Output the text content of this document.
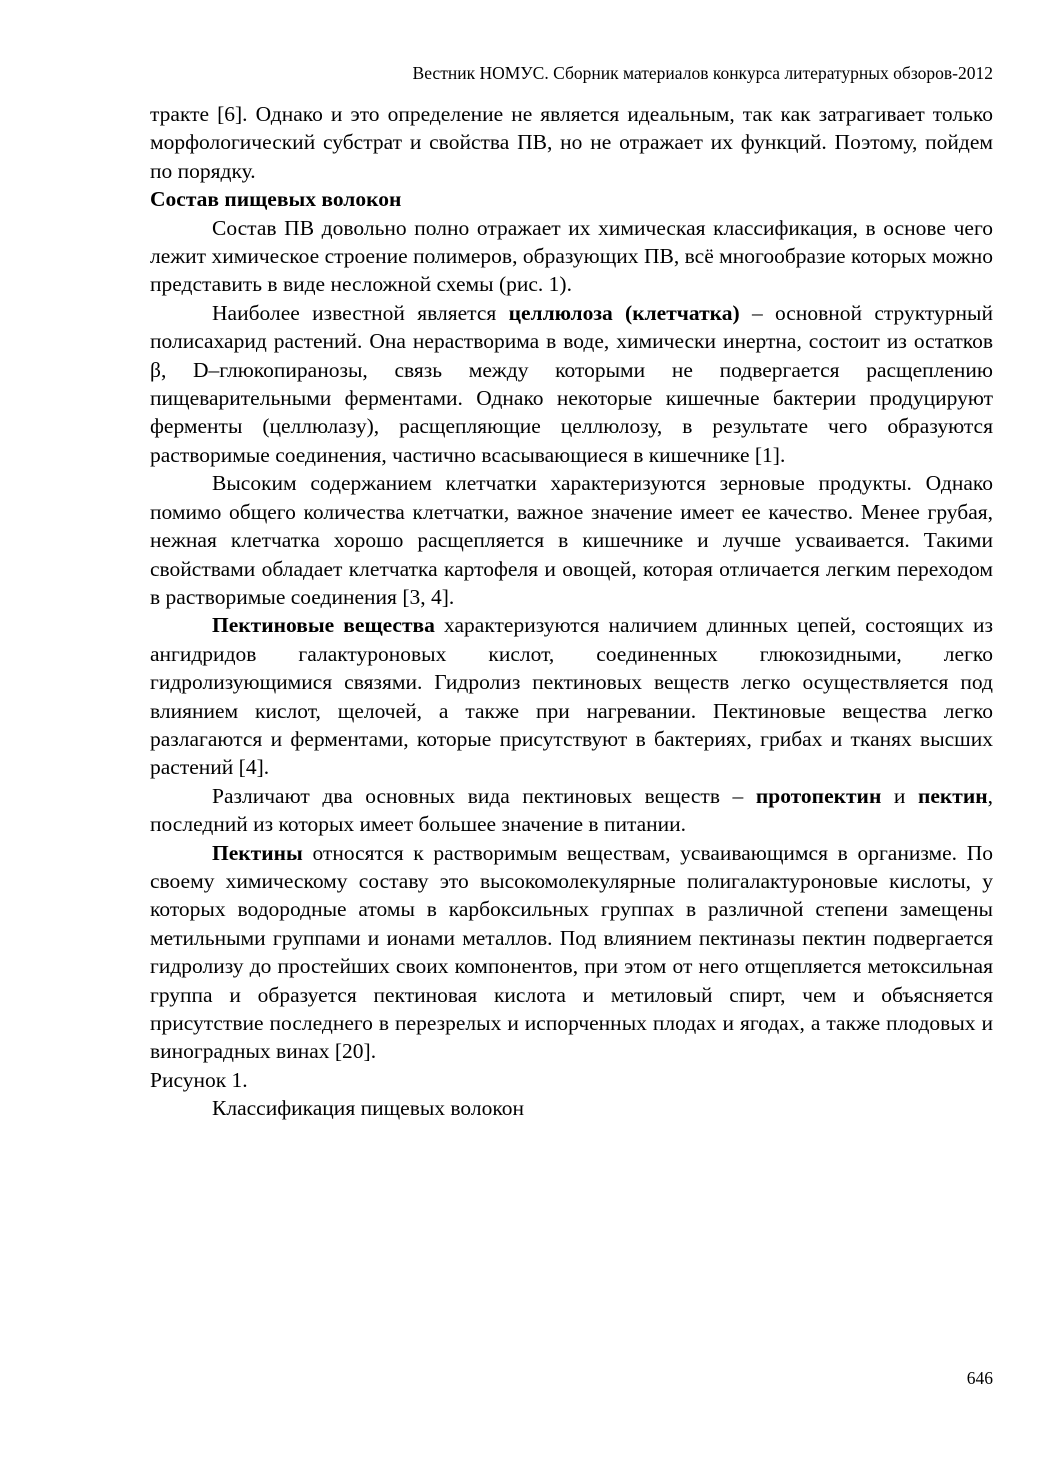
Вестник НОМУС. Сборник материалов конкурса литературных обзоров-2012

тракте [6]. Однако и это определение не является идеальным, так как затрагивает только морфологический субстрат и свойства ПВ, но не отражает их функций. Поэтому, пойдем по порядку.

Состав пищевых волокон

Состав ПВ довольно полно отражает их химическая классификация, в основе чего лежит химическое строение полимеров, образующих ПВ, всё многообразие которых можно представить в виде несложной схемы (рис. 1).

Наиболее известной является целлюлоза (клетчатка) – основной структурный полисахарид растений. Она нерастворима в воде, химически инертна, состоит из остатков β, D–глюкопиранозы, связь между которыми не подвергается расщеплению пищеварительными ферментами. Однако некоторые кишечные бактерии продуцируют ферменты (целлюлазу), расщепляющие целлюлозу, в результате чего образуются растворимые соединения, частично всасывающиеся в кишечнике [1].

Высоким содержанием клетчатки характеризуются зерновые продукты. Однако помимо общего количества клетчатки, важное значение имеет ее качество. Менее грубая, нежная клетчатка хорошо расщепляется в кишечнике и лучше усваивается. Такими свойствами обладает клетчатка картофеля и овощей, которая отличается легким переходом в растворимые соединения [3, 4].

Пектиновые вещества характеризуются наличием длинных цепей, состоящих из ангидридов галактуроновых кислот, соединенных глюкозидными, легко гидролизующимися связями. Гидролиз пектиновых веществ легко осуществляется под влиянием кислот, щелочей, а также при нагревании. Пектиновые вещества легко разлагаются и ферментами, которые присутствуют в бактериях, грибах и тканях высших растений [4].

Различают два основных вида пектиновых веществ – протопектин и пектин, последний из которых имеет большее значение в питании.

Пектины относятся к растворимым веществам, усваивающимся в организме. По своему химическому составу это высокомолекулярные полигалактуроновые кислоты, у которых водородные атомы в карбоксильных группах в различной степени замещены метильными группами и ионами металлов. Под влиянием пектиназы пектин подвергается гидролизу до простейших своих компонентов, при этом от него отщепляется метоксильная группа и образуется пектиновая кислота и метиловый спирт, чем и объясняется присутствие последнего в перезрелых и испорченных плодах и ягодах, а также плодовых и виноградных винах [20].

Рисунок 1.
Классификация пищевых волокон
646
